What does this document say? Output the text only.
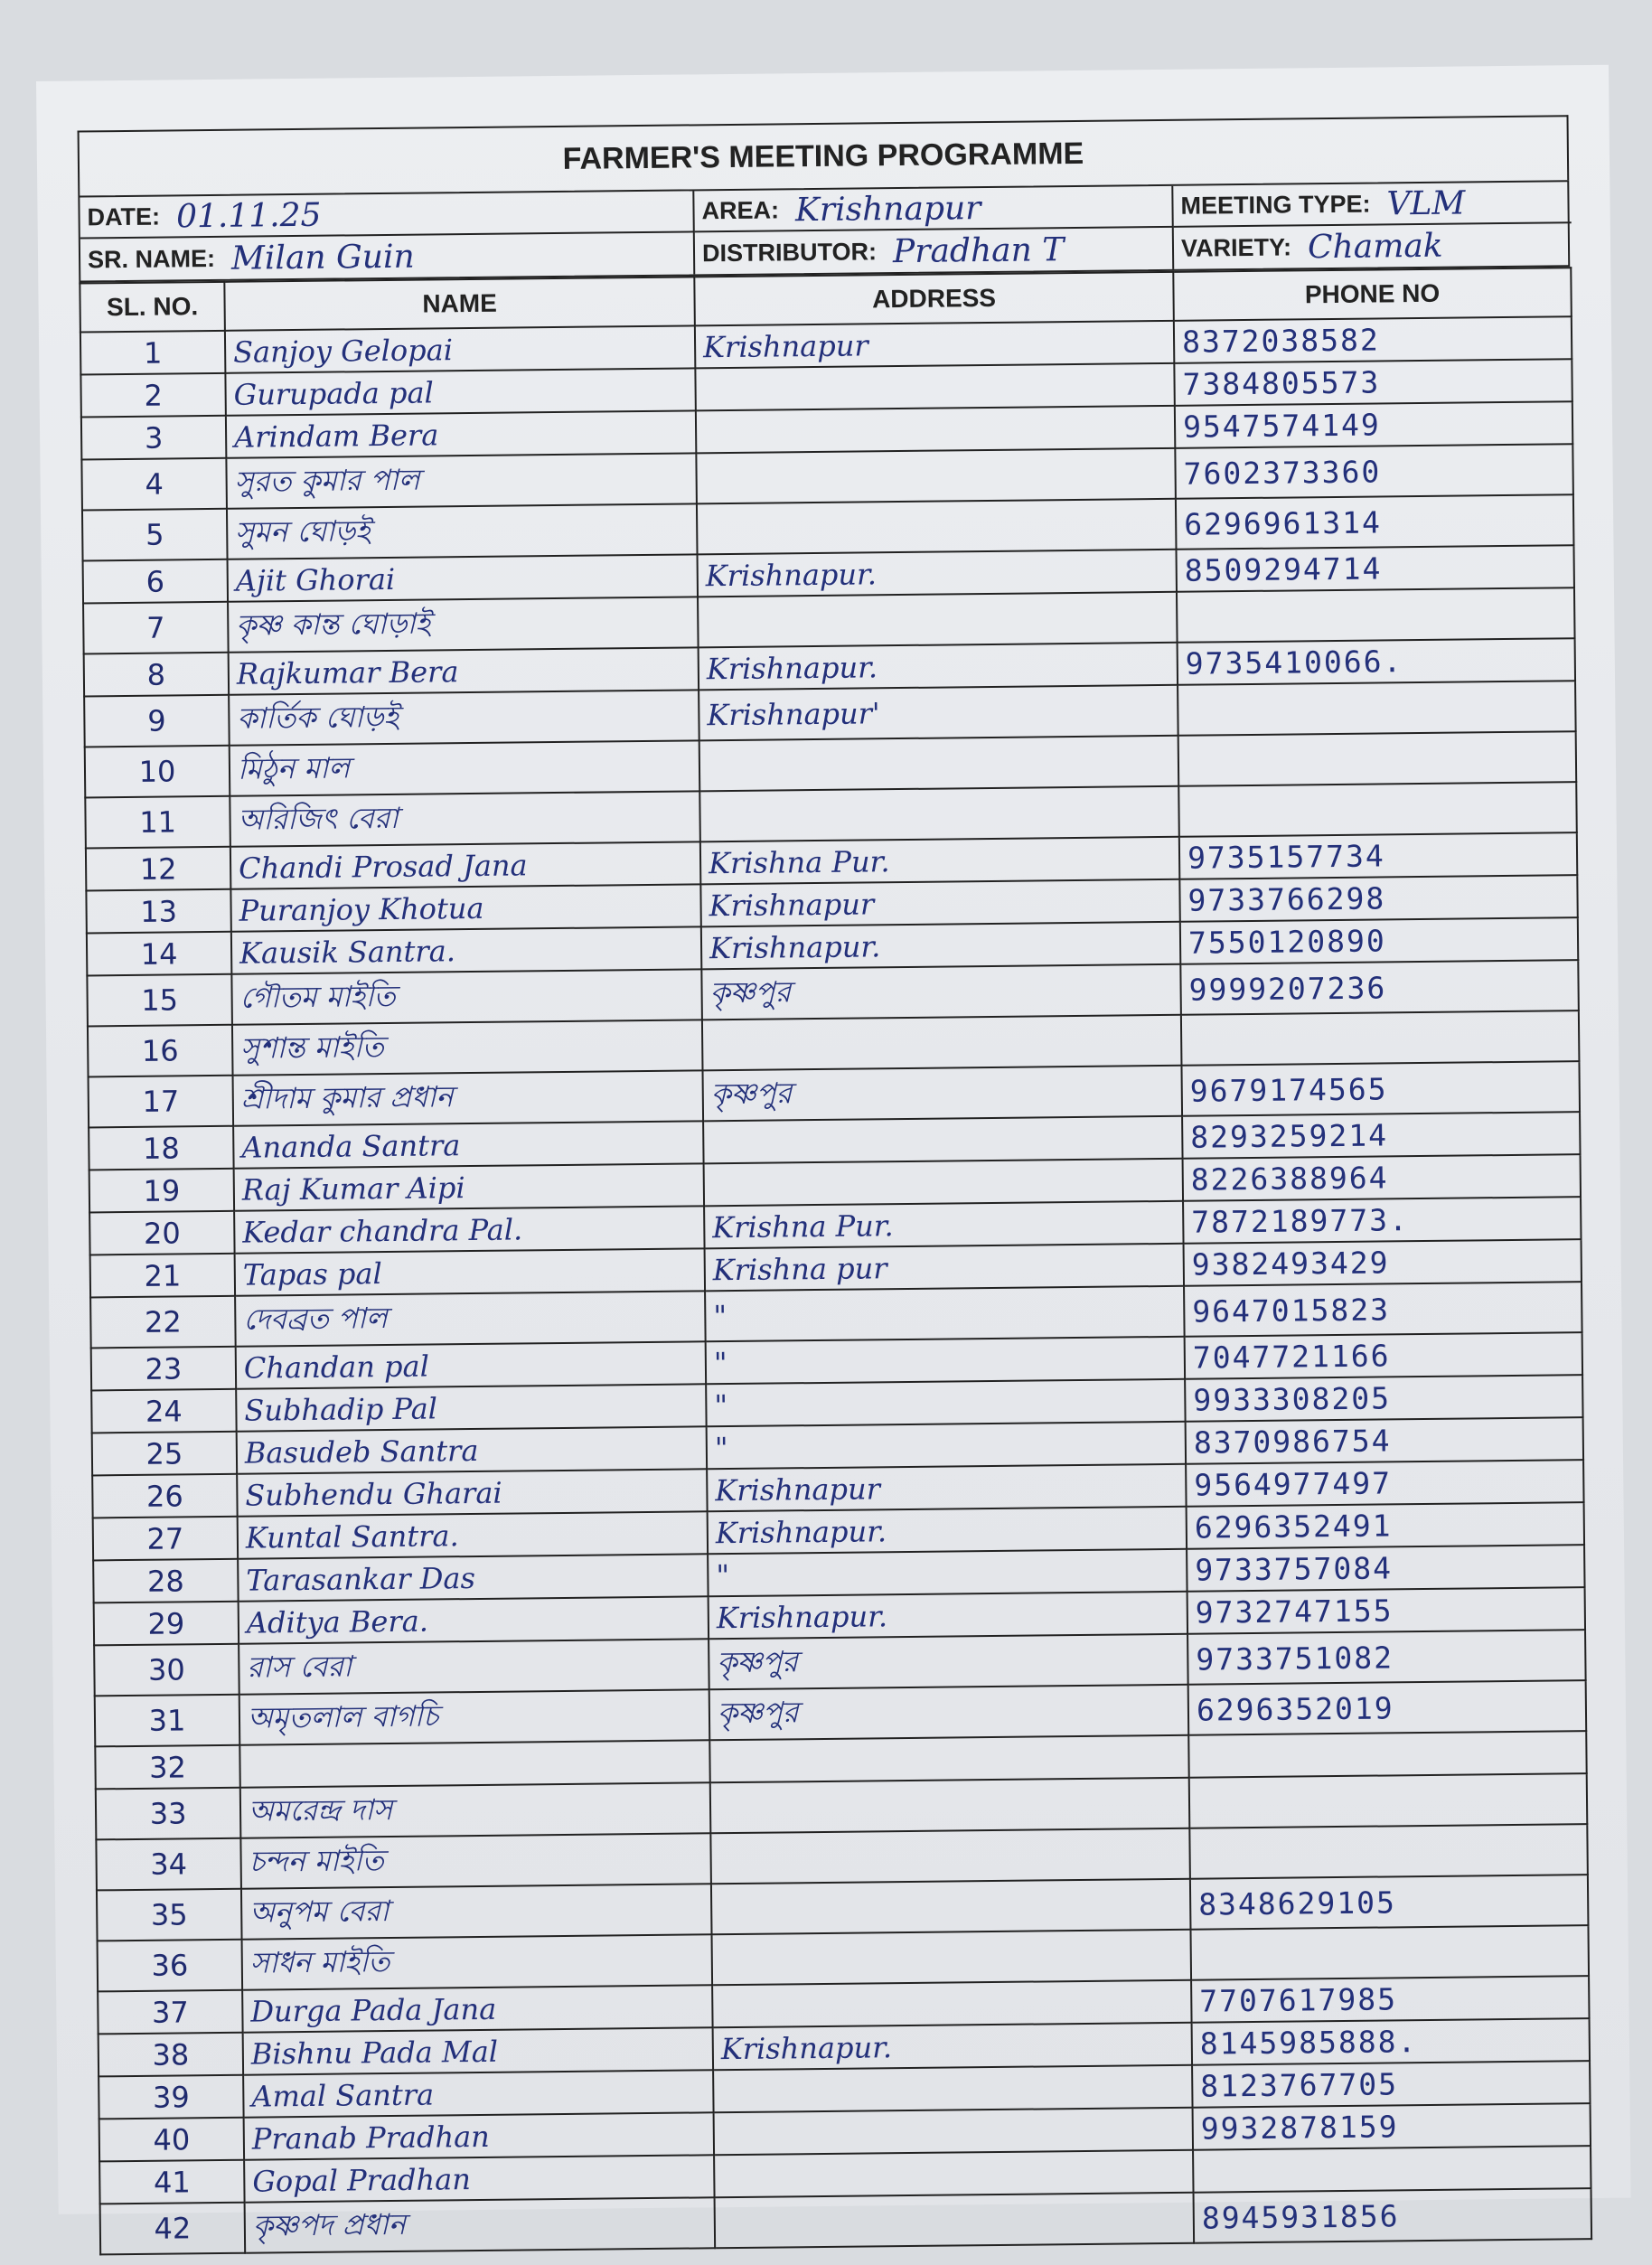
FARMER'S MEETING PROGRAMME
DATE: 01.11.25	AREA: Krishnapur	MEETING TYPE: VLM
SR. NAME: Milan Guin	DISTRIBUTOR: Pradhan T	VARIETY: Chamak
SL. NO.	NAME	ADDRESS	PHONE NO
1	Sanjoy Gelopai	Krishnapur	8372038582
2	Gurupada pal		7384805573
3	Arindam Bera		9547574149
4	সুরত কুমার পাল		7602373360
5	সুমন ঘোড়ই		6296961314
6	Ajit Ghorai	Krishnapur.	8509294714
7	কৃষ্ণ কান্ত ঘোড়াই		
8	Rajkumar Bera	Krishnapur.	9735410066.
9	কার্তিক ঘোড়ই	Krishnapur'	
10	মিঠুন মাল		
11	অরিজিৎ বেরা		
12	Chandi Prosad Jana	Krishna Pur.	9735157734
13	Puranjoy Khotua	Krishnapur	9733766298
14	Kausik Santra.	Krishnapur.	7550120890
15	গৌতম মাইতি	কৃষ্ণপুর	9999207236
16	সুশান্ত মাইতি		
17	শ্রীদাম কুমার প্রধান	কৃষ্ণপুর	9679174565
18	Ananda Santra		8293259214
19	Raj Kumar Aipi		8226388964
20	Kedar chandra Pal.	Krishna Pur.	7872189773.
21	Tapas pal	Krishna pur	9382493429
22	দেবব্রত পাল	"	9647015823
23	Chandan pal	"	7047721166
24	Subhadip Pal	"	9933308205
25	Basudeb Santra	"	8370986754
26	Subhendu Gharai	Krishnapur	9564977497
27	Kuntal Santra.	Krishnapur.	6296352491
28	Tarasankar Das	"	9733757084
29	Aditya Bera.	Krishnapur.	9732747155
30	রাস বেরা	কৃষ্ণপুর	9733751082
31	অমৃতলাল বাগচি	কৃষ্ণপুর	6296352019
32			
33	অমরেন্দ্র দাস		
34	চন্দন মাইতি		
35	অনুপম বেরা		8348629105
36	সাধন মাইতি		
37	Durga Pada Jana		7707617985
38	Bishnu Pada Mal	Krishnapur.	8145985888.
39	Amal Santra		8123767705
40	Pranab Pradhan		9932878159
41	Gopal Pradhan		
42	কৃষ্ণপদ প্রধান		8945931856
